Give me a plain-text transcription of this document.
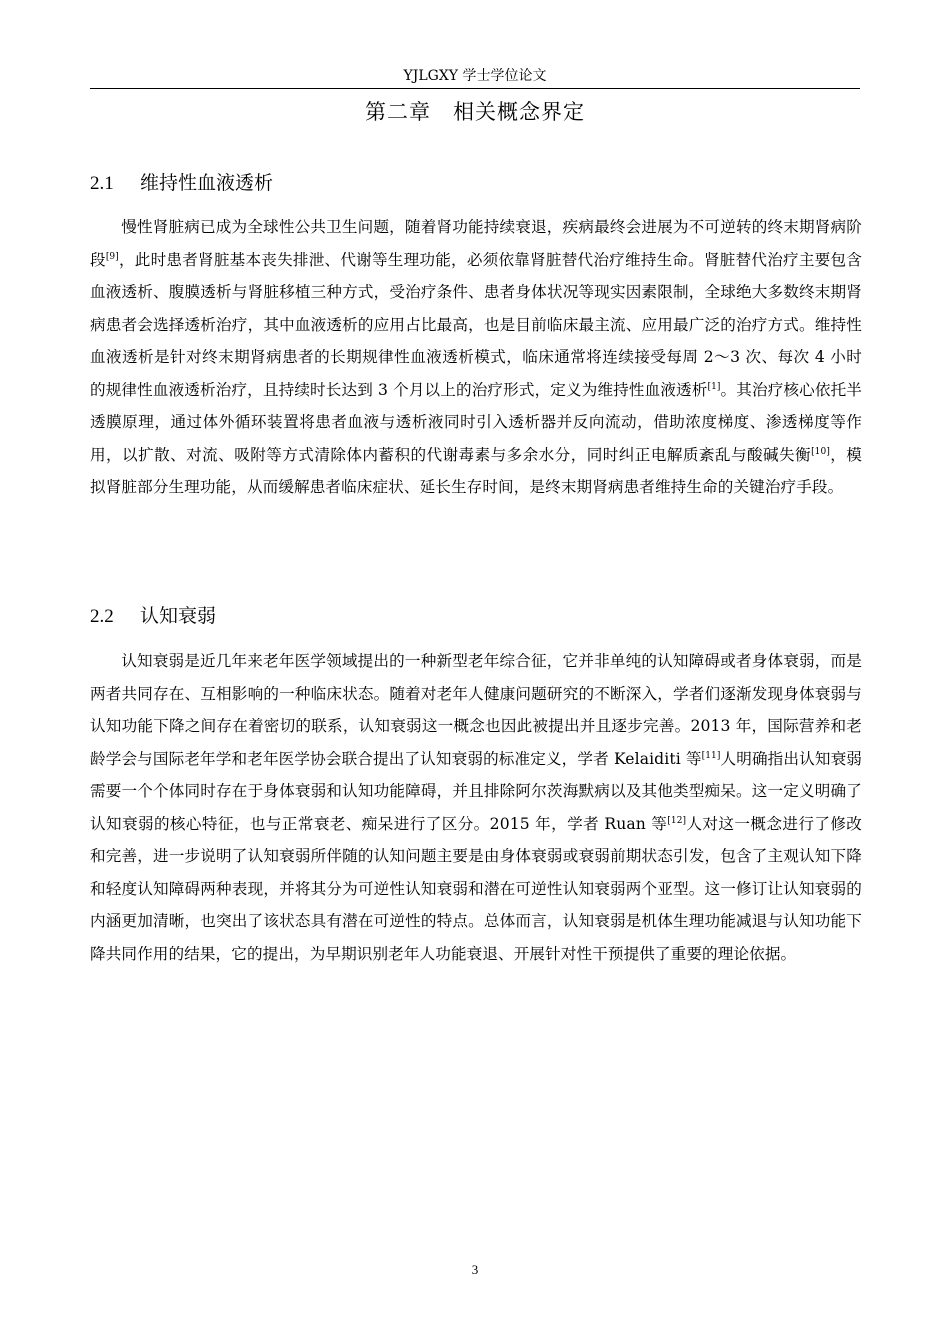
YJLGXY 学士学位论文
第二章 相关概念界定
2.1 维持性血液透析

慢性肾脏病已成为全球性公共卫生问题，随着肾功能持续衰退，疾病最终会进展为不可逆转的终末期肾病阶段[9]，此时患者肾脏基本丧失排泄、代谢等生理功能，必须依靠肾脏替代治疗维持生命。肾脏替代治疗主要包含血液透析、腹膜透析与肾脏移植三种方式，受治疗条件、患者身体状况等现实因素限制，全球绝大多数终末期肾病患者会选择透析治疗，其中血液透析的应用占比最高，也是目前临床最主流、应用最广泛的治疗方式。维持性血液透析是针对终末期肾病患者的长期规律性血液透析模式，临床通常将连续接受每周 2～3 次、每次 4 小时的规律性血液透析治疗，且持续时长达到 3 个月以上的治疗形式，定义为维持性血液透析[1]。其治疗核心依托半透膜原理，通过体外循环装置将患者血液与透析液同时引入透析器并反向流动，借助浓度梯度、渗透梯度等作用，以扩散、对流、吸附等方式清除体内蓄积的代谢毒素与多余水分，同时纠正电解质紊乱与酸碱失衡[10]，模拟肾脏部分生理功能，从而缓解患者临床症状、延长生存时间，是终末期肾病患者维持生命的关键治疗手段。

2.2 认知衰弱

认知衰弱是近几年来老年医学领域提出的一种新型老年综合征，它并非单纯的认知障碍或者身体衰弱，而是两者共同存在、互相影响的一种临床状态。随着对老年人健康问题研究的不断深入，学者们逐渐发现身体衰弱与认知功能下降之间存在着密切的联系，认知衰弱这一概念也因此被提出并且逐步完善。2013 年，国际营养和老龄学会与国际老年学和老年医学协会联合提出了认知衰弱的标准定义，学者 Kelaiditi 等[11]人明确指出认知衰弱需要一个个体同时存在于身体衰弱和认知功能障碍，并且排除阿尔茨海默病以及其他类型痴呆。这一定义明确了认知衰弱的核心特征，也与正常衰老、痴呆进行了区分。2015 年，学者 Ruan 等[12]人对这一概念进行了修改和完善，进一步说明了认知衰弱所伴随的认知问题主要是由身体衰弱或衰弱前期状态引发，包含了主观认知下降和轻度认知障碍两种表现，并将其分为可逆性认知衰弱和潜在可逆性认知衰弱两个亚型。这一修订让认知衰弱的内涵更加清晰，也突出了该状态具有潜在可逆性的特点。总体而言，认知衰弱是机体生理功能减退与认知功能下降共同作用的结果，它的提出，为早期识别老年人功能衰退、开展针对性干预提供了重要的理论依据。

3
